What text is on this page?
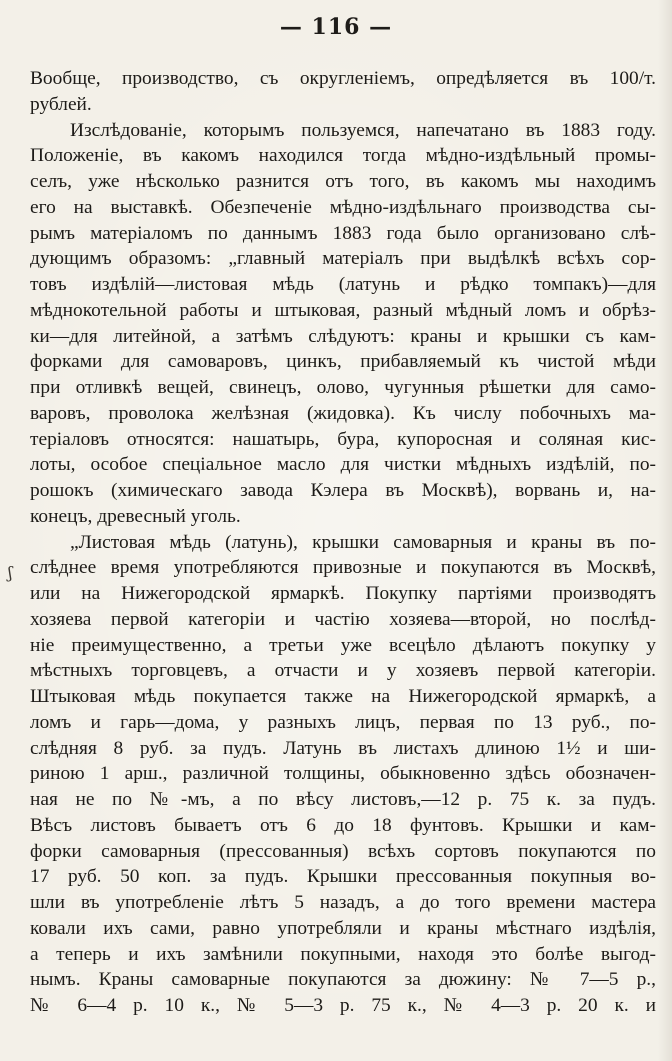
— 116 —
ʃ
Вообще, производство, съ округленіемъ, опредѣляется въ 100/т.
рублей.
Изслѣдованіе, которымъ пользуемся, напечатано въ 1883 году.
Положеніе, въ какомъ находился тогда мѣдно-издѣльный промы-
селъ, уже нѣсколько разнится отъ того, въ какомъ мы находимъ
его на выставкѣ. Обезпеченіе мѣдно-издѣльнаго производства сы-
рымъ матеріаломъ по даннымъ 1883 года было организовано слѣ-
дующимъ образомъ: „главный матеріалъ при выдѣлкѣ всѣхъ сор-
товъ издѣлій—листовая мѣдь (латунь и рѣдко томпакъ)—для
мѣднокотельной работы и штыковая, разный мѣдный ломъ и обрѣз-
ки—для литейной, а затѣмъ слѣдуютъ: краны и крышки съ кам-
форками для самоваровъ, цинкъ, прибавляемый къ чистой мѣди
при отливкѣ вещей, свинецъ, олово, чугунныя рѣшетки для само-
варовъ, проволока желѣзная (жидовка). Къ числу побочныхъ ма-
теріаловъ относятся: нашатырь, бура, купоросная и соляная кис-
лоты, особое спеціальное масло для чистки мѣдныхъ издѣлій, по-
рошокъ (химическаго завода Кэлера въ Москвѣ), ворвань и, на-
конецъ, древесный уголь.
„Листовая мѣдь (латунь), крышки самоварныя и краны въ по-
слѣднее время употребляются привозные и покупаются въ Москвѣ,
или на Нижегородской ярмаркѣ. Покупку партіями производятъ
хозяева первой категоріи и частію хозяева—второй, но послѣд-
ніе преимущественно, а третьи уже всецѣло дѣлаютъ покупку у
мѣстныхъ торговцевъ, а отчасти и у хозяевъ первой категоріи.
Штыковая мѣдь покупается также на Нижегородской ярмаркѣ, а
ломъ и гарь—дома, у разныхъ лицъ, первая по 13 руб., по-
слѣдняя 8 руб. за пудъ. Латунь въ листахъ длиною 1½ и ши-
риною 1 арш., различной толщины, обыкновенно здѣсь обозначен-
ная не по №-мъ, а по вѣсу листовъ,—12 р. 75 к. за пудъ.
Вѣсъ листовъ бываетъ отъ 6 до 18 фунтовъ. Крышки и кам-
форки самоварныя (прессованныя) всѣхъ сортовъ покупаются по
17 руб. 50 коп. за пудъ. Крышки прессованныя покупныя во-
шли въ употребленіе лѣтъ 5 назадъ, а до того времени мастера
ковали ихъ сами, равно употребляли и краны мѣстнаго издѣлія,
а теперь и ихъ замѣнили покупными, находя это болѣе выгод-
нымъ. Краны самоварные покупаются за дюжину: № 7—5 р.,
№ 6—4 р. 10 к., № 5—3 р. 75 к., № 4—3 р. 20 к. и
